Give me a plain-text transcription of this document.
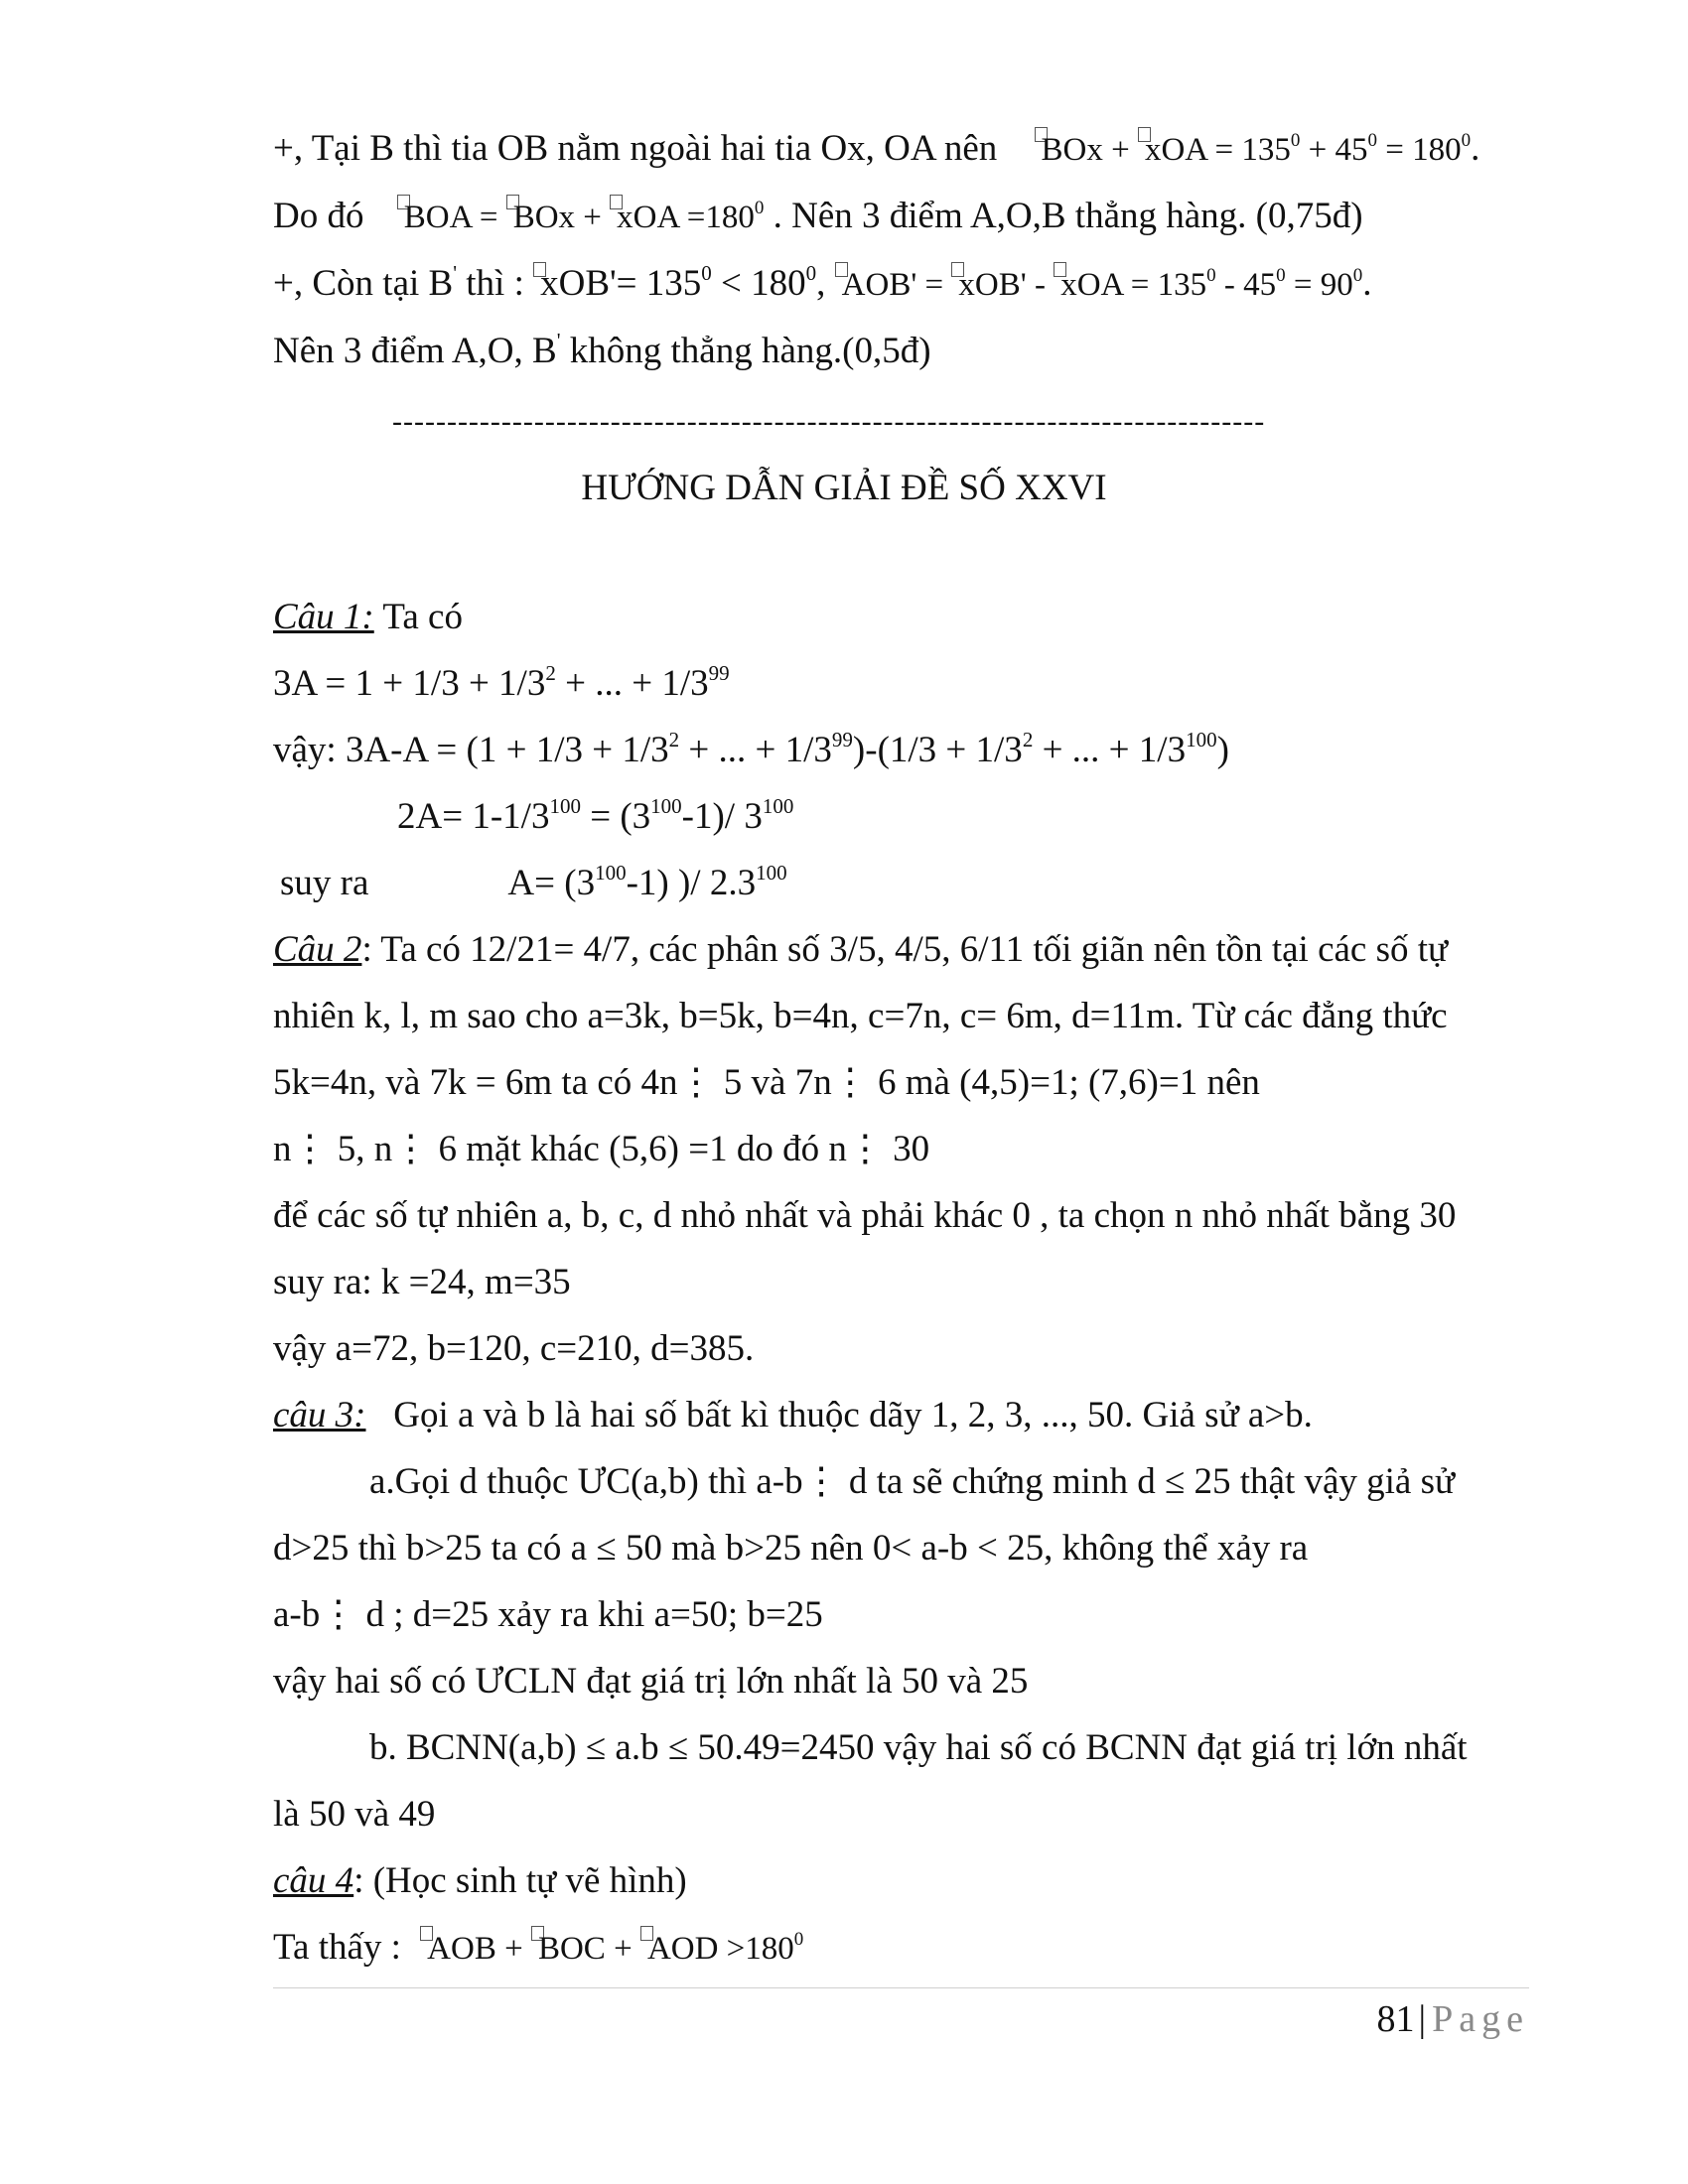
+, Tại B thì tia OB nằm ngoài hai tia Ox, OA nên BOx + xOA = $135^0 + 45^0 = 180^0$.
Do đó BOA = BOx + xOA $=180^0$ . Nên 3 điểm A,O,B thẳng hàng. (0,75đ)
+, Còn tại B' thì : $xOB'= 135^0 < 180^0$, AOB' = xOB' - xOA = $135^0 - 45^0 = 90^0$.
Nên 3 điểm A,O, B' không thẳng hàng.(0,5đ)
--------------------------------------------------------------------------------
HƯỚNG DẪN GIẢI ĐỀ SỐ XXVI
Câu 1: Ta có
$3A = 1 + 1/3 + 1/3^2$ + ... + $1/3^{99}$
vậy: $3A-A = (1 + 1/3 + 1/3^2$ + ... + $1/3^{99})-(1/3 + 1/3^2$ + ... + $1/3^{100}$)
$2A= 1-1/3^{100} = (3^{100}-1)/$ $3^{100}$
suy ra	$A= (3^{100}-1)$ )/ $2.3^{100}$
Câu 2: Ta có 12/21= 4/7, các phân số 3/5, 4/5, 6/11 tối giãn nên tồn tại các số tự
nhiên k, l, m sao cho a=3k, b=5k, b=4n, c=7n, c= 6m, d=11m. Từ các đẳng thức
5k=4n, và 7k = 6m ta có 4n⋮ 5 và 7n⋮ 6 mà (4,5)=1; (7,6)=1 nên
n⋮ 5, n⋮ 6 mặt khác (5,6) =1 do đó n⋮ 30
để các số tự nhiên a, b, c, d nhỏ nhất và phải khác 0 , ta chọn n nhỏ nhất bằng 30
suy ra: k =24, m=35
vậy a=72, b=120, c=210, d=385.
câu 3:   Gọi a và b là hai số bất kì thuộc dãy 1, 2, 3, ..., 50. Giả sử a>b.
a.Gọi d thuộc ƯC(a,b) thì a-b⋮ d ta sẽ chứng minh d ≤ 25 thật vậy giả sử
d>25 thì b>25 ta có a ≤ 50 mà b>25 nên 0< a-b < 25, không thể xảy ra
a-b⋮ d ; d=25 xảy ra khi a=50; b=25
vậy hai số có ƯCLN đạt giá trị lớn nhất là 50 và 25
b. BCNN(a,b) ≤ a.b ≤ 50.49=2450 vậy hai số có BCNN đạt giá trị lớn nhất
là 50 và 49
câu 4: (Học sinh tự vẽ hình)
Ta thấy : AOB + BOC + AOD $>180^0$
81 | Page
